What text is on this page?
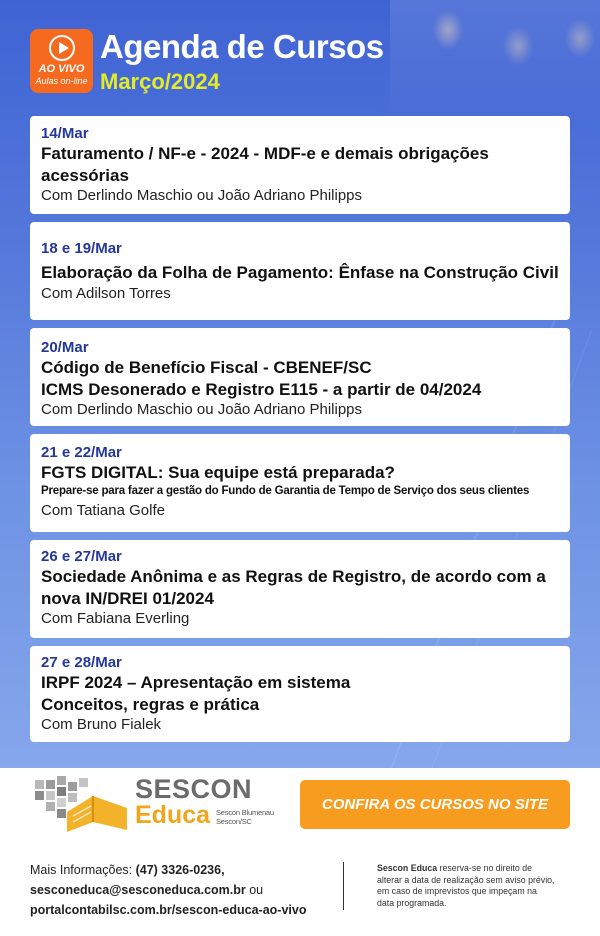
AO VIVO
Aulas on-line
Agenda de Cursos
Março/2024
14/Mar
Faturamento / NF-e - 2024 - MDF-e e demais obrigações
acessórias
Com Derlindo Maschio ou João Adriano Philipps
18 e 19/Mar
Elaboração da Folha de Pagamento: Ênfase na Construção Civil
Com Adilson Torres
20/Mar
Código de Benefício Fiscal - CBENEF/SC
ICMS Desonerado e Registro E115 - a partir de 04/2024
Com Derlindo Maschio ou João Adriano Philipps
21 e 22/Mar
FGTS DIGITAL: Sua equipe está preparada?
Prepare-se para fazer a gestão do Fundo de Garantia de Tempo de Serviço dos seus clientes
Com Tatiana Golfe
26 e 27/Mar
Sociedade Anônima e as Regras de Registro, de acordo com a
nova IN/DREI 01/2024
Com Fabiana Everling
27 e 28/Mar
IRPF 2024 – Apresentação em sistema
Conceitos, regras e prática
Com Bruno Fialek
SESCON
Educa Sescon Blumenau
Sescon/SC
CONFIRA OS CURSOS NO SITE
Mais Informações: (47) 3326-0236,
sesconeduca@sesconeduca.com.br ou
portalcontabilsc.com.br/sescon-educa-ao-vivo
Sescon Educa reserva-se no direito de
alterar a data de realização sem aviso prévio,
em caso de imprevistos que impeçam na
data programada.
